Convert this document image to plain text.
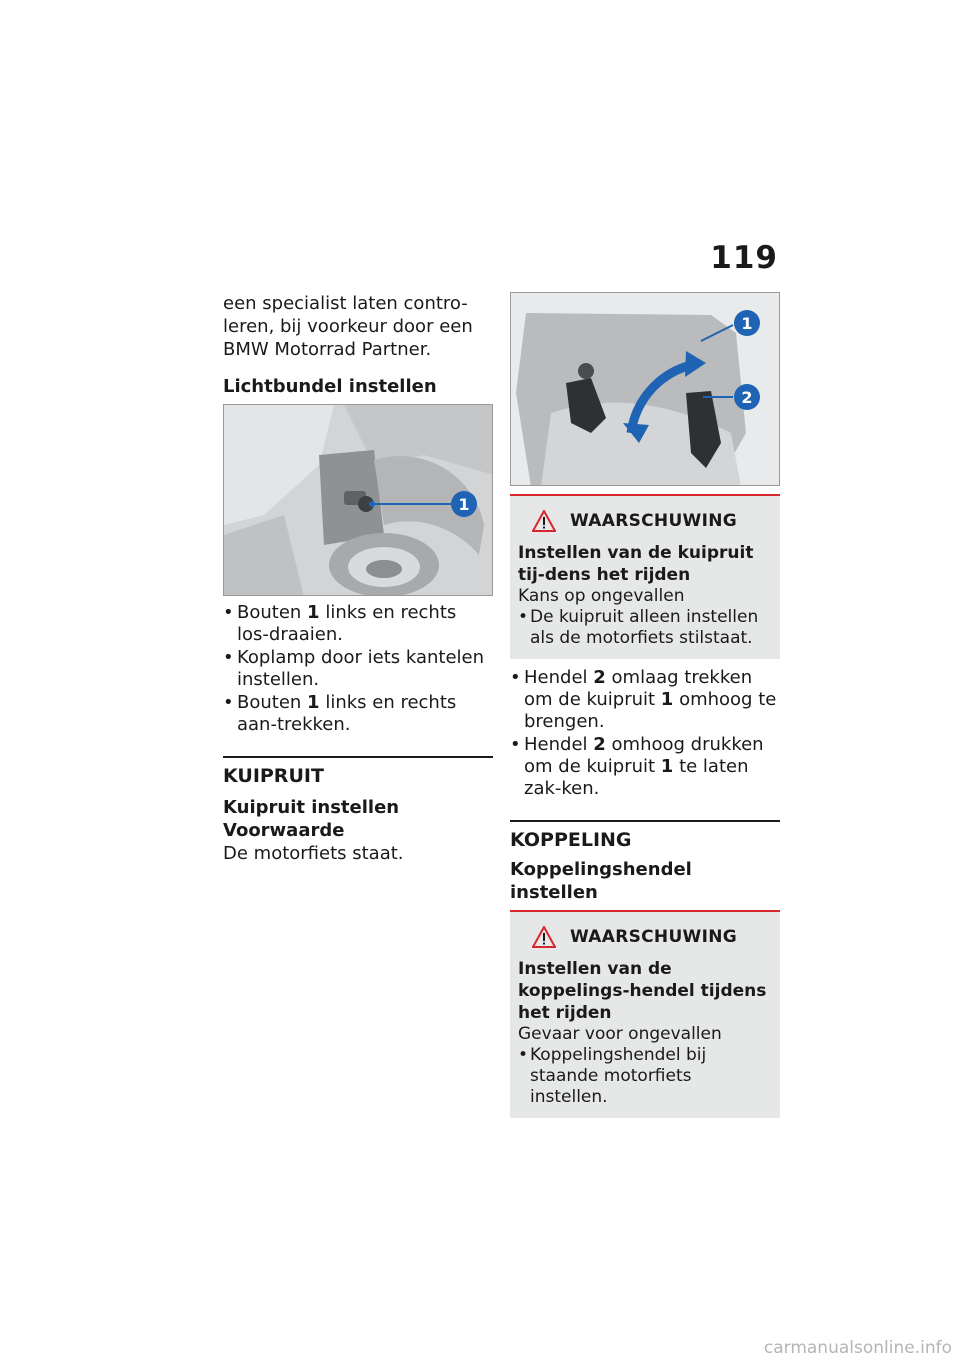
119

een specialist laten contro-leren, bij voorkeur door een BMW Motorrad Partner.

Lichtbundel instellen
1
• Bouten 1 links en rechts los-draaien.
• Koplamp door iets kantelen instellen.
• Bouten 1 links en rechts aan-trekken.
KUIPRUIT
Kuipruit instellen
Voorwaarde

De motorfiets staat.

1
2
WAARSCHUWING
Instellen van de kuipruit tij-dens het rijden

Kans op ongevallen

• De kuipruit alleen instellen als de motorfiets stilstaat.
• Hendel 2 omlaag trekken om de kuipruit 1 omhoog te brengen.
• Hendel 2 omhoog drukken om de kuipruit 1 te laten zak-ken.
KOPPELING
Koppelingshendel instellen
WAARSCHUWING
Instellen van de koppelings-hendel tijdens het rijden

Gevaar voor ongevallen

• Koppelingshendel bij staande motorfiets instellen.
carmanualsonline.info
